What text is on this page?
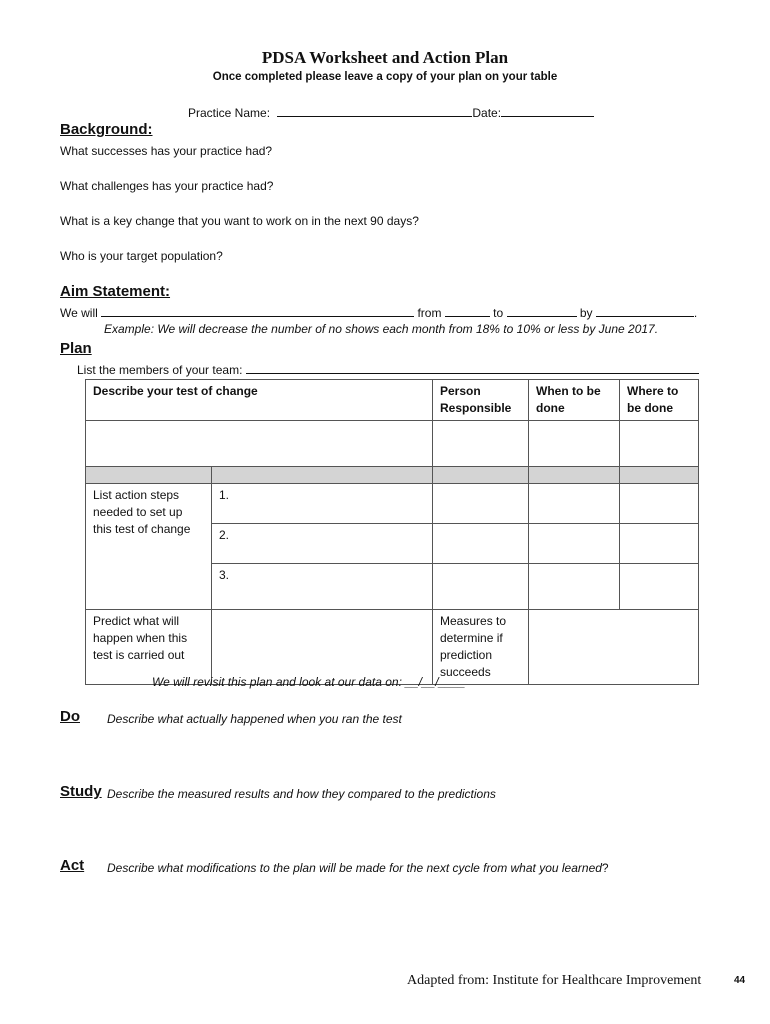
PDSA Worksheet and Action Plan
Once completed please leave a copy of your plan on your table
Practice Name:	Date:
Background:
What successes has your practice had?
What challenges has your practice had?
What is a key change that you want to work on in the next 90 days?
Who is your target population?
Aim Statement:
We will	from	to	by	.
Example: We will decrease the number of no shows each month from 18% to 10% or less by June 2017.
Plan
List the members of your team:
Describe your test of change		Person Responsible	When to be done	Where to be done

List action steps needed to set up this test of change	1.			
	2.			
	3.			
Predict what will happen when this test is carried out		Measures to determine if prediction succeeds		
We will revisit this plan and look at our data on: __/__/____
Do Describe what actually happened when you ran the test
Study Describe the measured results and how they compared to the predictions
Act Describe what modifications to the plan will be made for the next cycle from what you learned?
Adapted from: Institute for Healthcare Improvement	44
